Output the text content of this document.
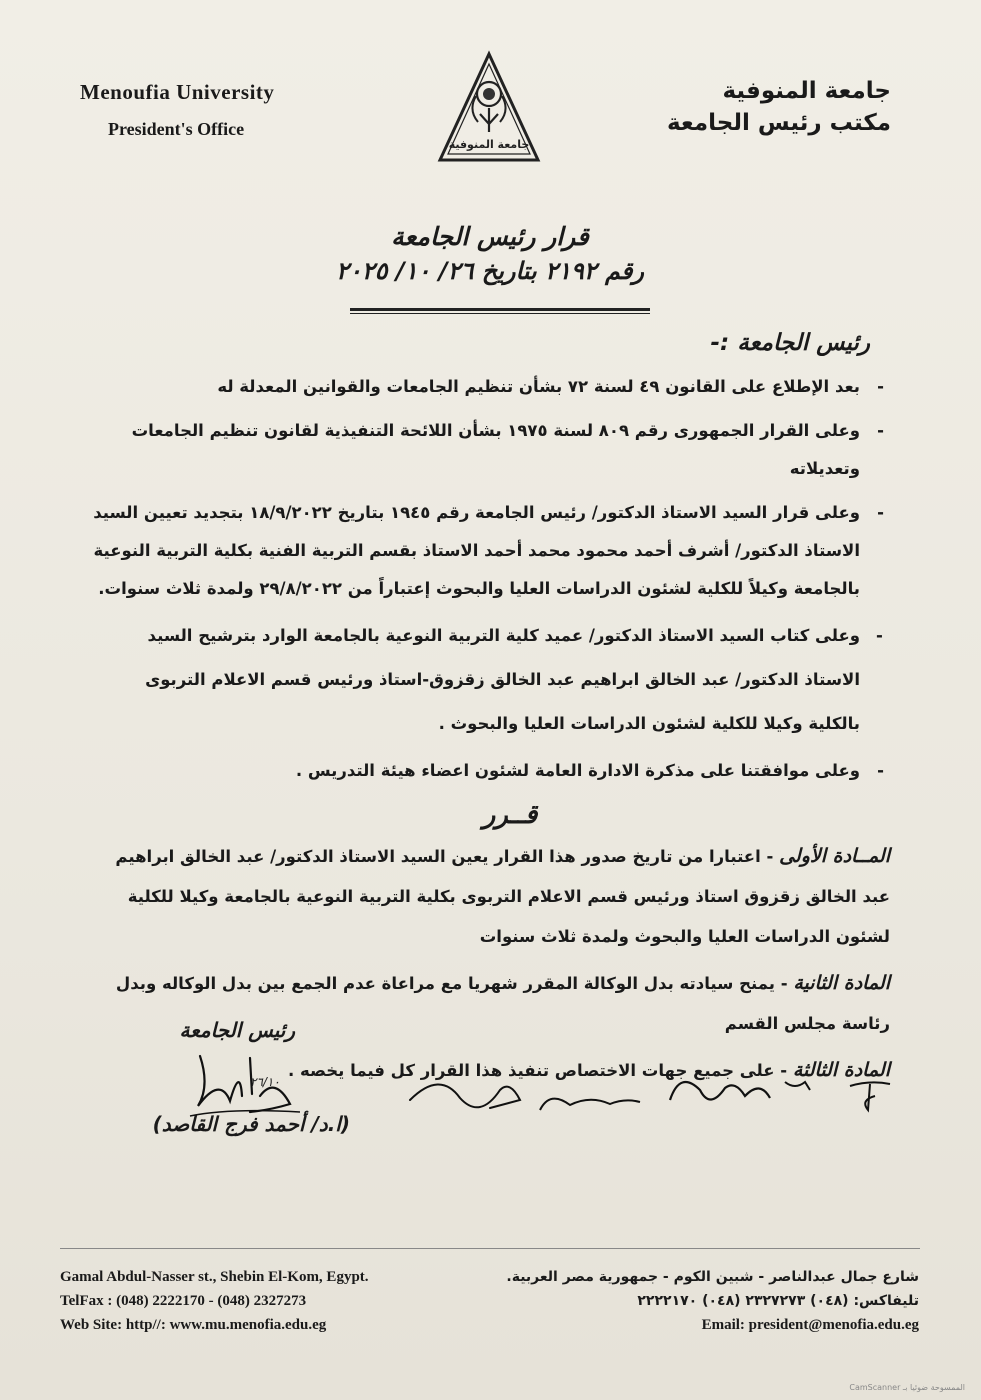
Menoufia University
President's Office
جامعة المنوفية
جامعة المنوفية
مكتب رئيس الجامعة
قرار رئيس الجامعة
رقم ٢١٩٢ بتاريخ ٢٦/ ١٠/ ٢٠٢٥
رئيس الجامعة :-
- بعد الإطلاع على القانون ٤٩ لسنة ٧٢ بشأن تنظيم الجامعات والقوانين المعدلة له
- وعلى القرار الجمهورى رقم ٨٠٩ لسنة ١٩٧٥ بشأن اللائحة التنفيذية لقانون تنظيم الجامعات وتعديلاته
- وعلى قرار السيد الاستاذ الدكتور/ رئيس الجامعة رقم ١٩٤٥ بتاريخ ١٨/٩/٢٠٢٢ بتجديد تعيين السيد الاستاذ الدكتور/ أشرف أحمد محمود محمد أحمد الاستاذ بقسم التربية الفنية بكلية التربية النوعية بالجامعة وكيلاً للكلية لشئون الدراسات العليا والبحوث إعتباراً من ٢٩/٨/٢٠٢٢ ولمدة ثلاث سنوات.
- وعلى كتاب السيد الاستاذ الدكتور/ عميد كلية التربية النوعية بالجامعة الوارد بترشيح السيد الاستاذ الدكتور/ عبد الخالق ابراهيم عبد الخالق زقزوق-استاذ ورئيس قسم الاعلام التربوى بالكلية وكيلا للكلية لشئون الدراسات العليا والبحوث .
- وعلى موافقتنا على مذكرة الادارة العامة لشئون اعضاء هيئة التدريس .
قــرر
المــادة الأولى - اعتبارا من تاريخ صدور هذا القرار يعين السيد الاستاذ الدكتور/ عبد الخالق ابراهيم عبد الخالق زقزوق استاذ ورئيس قسم الاعلام التربوى بكلية التربية النوعية بالجامعة وكيلا للكلية لشئون الدراسات العليا والبحوث ولمدة ثلاث سنوات
المادة الثانية - يمنح سيادته بدل الوكالة المقرر شهريا مع مراعاة عدم الجمع بين بدل الوكاله وبدل رئاسة مجلس القسم
المادة الثالثة - على جميع جهات الاختصاص تنفيذ هذا القرار كل فيما يخصه .
رئيس الجامعة
(ا.د/ أحمد فرج القاصد)
٢٦/١٠
Gamal Abdul-Nasser st., Shebin El-Kom, Egypt.
TelFax : (048) 2222170 - (048) 2327273
Web Site: http//: www.mu.menofia.edu.eg
شارع جمال عبدالناصر - شبين الكوم - جمهورية مصر العربية.
تليفاكس: (٠٤٨) ٢٣٢٧٢٧٣ (٠٤٨) ٢٢٢٢١٧٠
Email: president@menofia.edu.eg
الممسوحة ضوئيا بـ CamScanner
